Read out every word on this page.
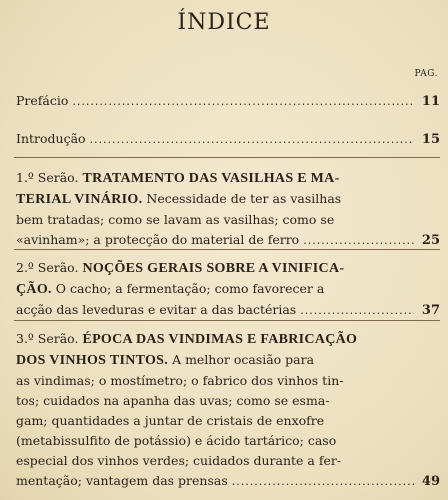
ÍNDICE
PAG.
Prefácio .....	11
Introdução .....	15
1.º Serão. TRATAMENTO DAS VASILHAS E MA-
TERIAL VINÁRIO. Necessidade de ter as vasilhas
bem tratadas; como se lavam as vasilhas; como se
«avinham»; a protecção do material de ferro .....	25
2.º Serão. NOÇÕES GERAIS SOBRE A VINIFICA-
ÇÃO. O cacho; a fermentação; como favorecer a
acção das leveduras e evitar a das bactérias .....	37
3.º Serão. ÉPOCA DAS VINDIMAS E FABRICAÇÃO
DOS VINHOS TINTOS. A melhor ocasião para
as vindimas; o mostímetro; o fabrico dos vinhos tin-
tos; cuidados na apanha das uvas; como se esma-
gam; quantidades a juntar de cristais de enxofre
(metabissulfito de potássio) e ácido tartárico; caso
especial dos vinhos verdes; cuidados durante a fer-
mentação; vantagem das prensas .....	49
